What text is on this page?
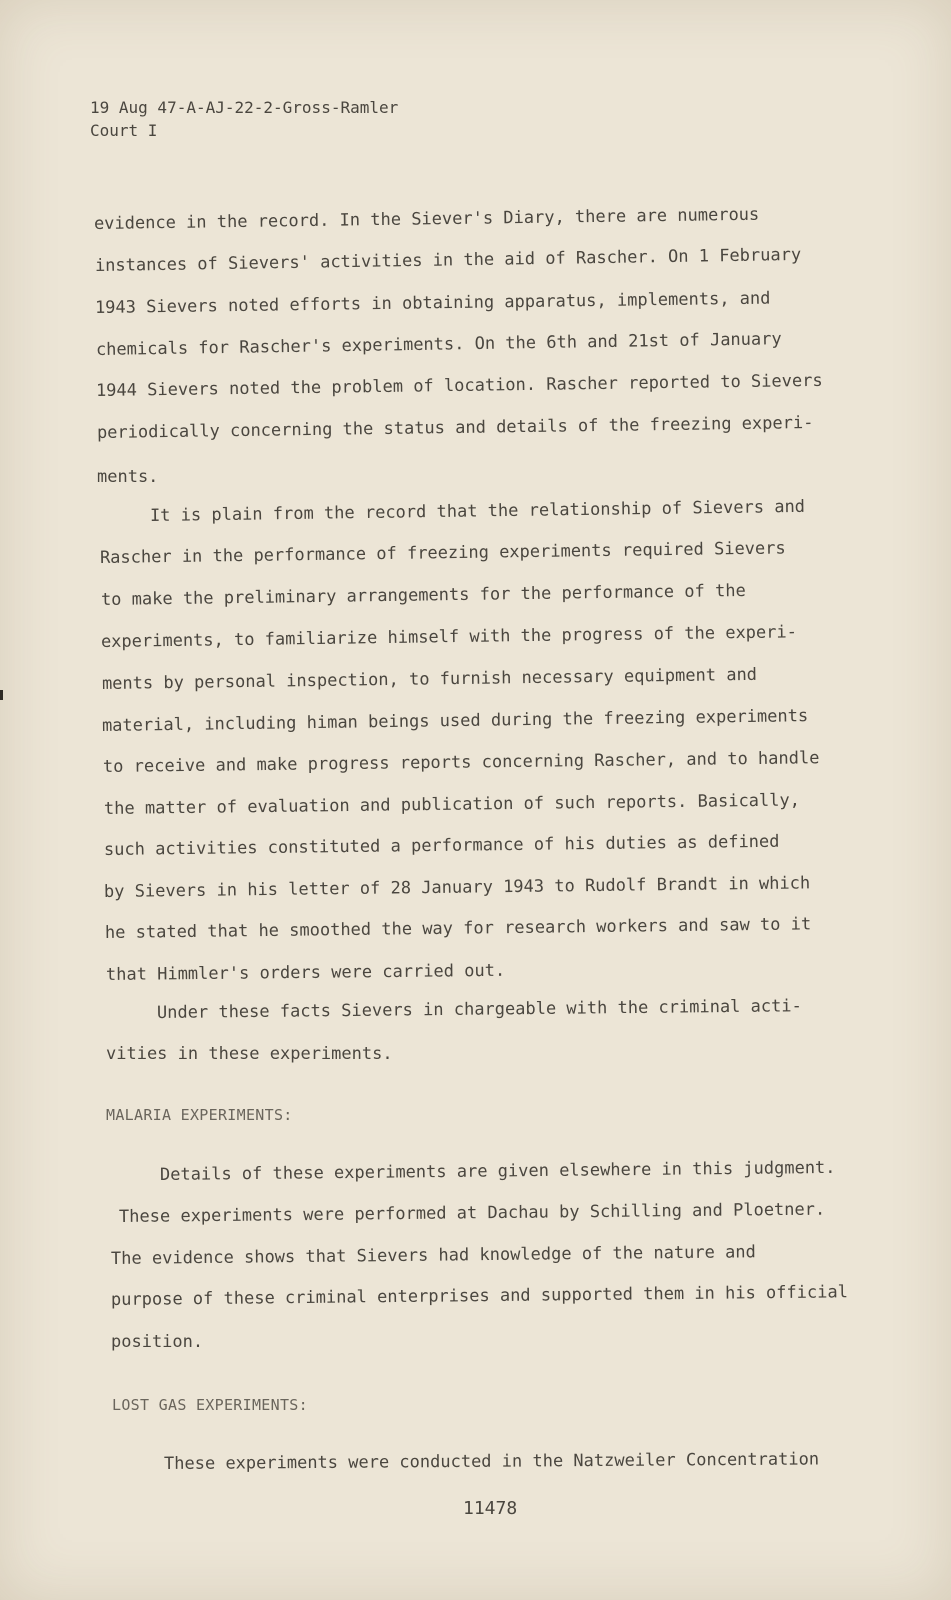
19 Aug 47-A-AJ-22-2-Gross-Ramler
Court I
evidence in the record. In the Siever's Diary, there are numerous
instances of Sievers' activities in the aid of Rascher. On 1 February
1943 Sievers noted efforts in obtaining apparatus, implements, and
chemicals for Rascher's experiments. On the 6th and 21st of January
1944 Sievers noted the problem of location. Rascher reported to Sievers
periodically concerning the status and details of the freezing experi-
ments.
It is plain from the record that the relationship of Sievers and
Rascher in the performance of freezing experiments required Sievers
to make the preliminary arrangements for the performance of the
experiments, to familiarize himself with the progress of the experi-
ments by personal inspection, to furnish necessary equipment and
material, including himan beings used during the freezing experiments
to receive and make progress reports concerning Rascher, and to handle
the matter of evaluation and publication of such reports. Basically,
such activities constituted a performance of his duties as defined
by Sievers in his letter of 28 January 1943 to Rudolf Brandt in which
he stated that he smoothed the way for research workers and saw to it
that Himmler's orders were carried out.
Under these facts Sievers in chargeable with the criminal acti-
vities in these experiments.
MALARIA EXPERIMENTS:
Details of these experiments are given elsewhere in this judgment.
These experiments were performed at Dachau by Schilling and Ploetner.
The evidence shows that Sievers had knowledge of the nature and
purpose of these criminal enterprises and supported them in his official
position.
LOST GAS EXPERIMENTS:
These experiments were conducted in the Natzweiler Concentration
11478
